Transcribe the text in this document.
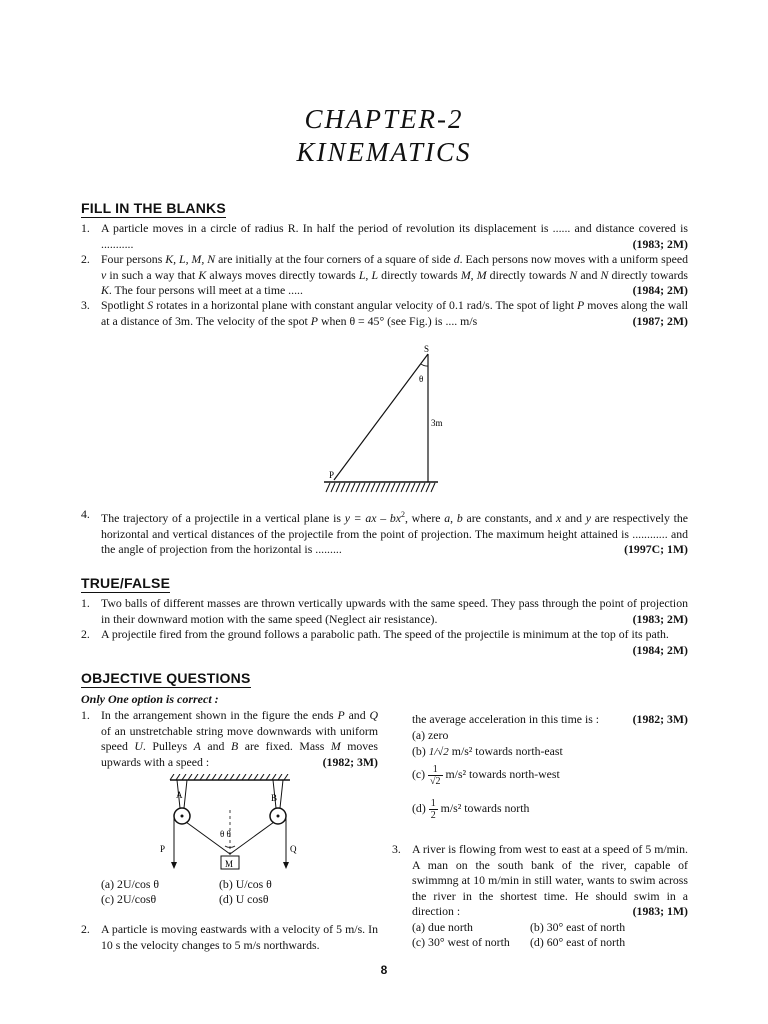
CHAPTER-2
KINEMATICS
FILL IN THE BLANKS
1. A particle moves in a circle of radius R. In half the period of revolution its displacement is ...... and distance covered is ...........	(1983; 2M)
2. Four persons K, L, M, N are initially at the four corners of a square of side d. Each persons now moves with a uniform speed v in such a way that K always moves directly towards L, L directly towards M, M directly towards N and N directly towards K. The four persons will meet at a time .....	(1984; 2M)
3. Spotlight S rotates in a horizontal plane with constant angular velocity of 0.1 rad/s. The spot of light P moves along the wall at a distance of 3m. The velocity of the spot P when θ = 45° (see Fig.) is .... m/s	(1987; 2M)
S
θ
3m
P
4. The trajectory of a projectile in a vertical plane is y = ax – $bx^2$, where a, b are constants, and x and y are respectively the horizontal and vertical distances of the projectile from the point of projection. The maximum height attained is ............ and the angle of projection from the horizontal is .........	(1997C; 1M)
TRUE/FALSE
1. Two balls of different masses are thrown vertically upwards with the same speed. They pass through the point of projection in their downward motion with the same speed (Neglect air resistance).	(1983; 2M)
2. A projectile fired from the ground follows a parabolic path. The speed of the projectile is minimum at the top of its path.
(1984; 2M)
OBJECTIVE QUESTIONS
Only One option is correct :
1. In the arrangement shown in the figure the ends P and Q of an unstretchable string move downwards with uniform speed U. Pulleys A and B are fixed. Mass M moves upwards with a speed :	(1982; 3M)
A	B
θ θ
P	Q
M
(a) 2U/cos θ	(b) U/cos θ
(c) 2U/cosθ	(d) U cosθ
2. A particle is moving eastwards with a velocity of 5 m/s. In 10 s the velocity changes to 5 m/s northwards.
the average acceleration in this time is :	(1982; 3M)
(a) zero
(b) 1/√2 m/s² towards north-east
$(c) \frac{1}{√2} m/s^2$ towards north-west
$(d) \frac{1}{2} m/s^2$ towards north
3. A river is flowing from west to east at a speed of 5 m/min. A man on the south bank of the river, capable of swimmng at 10 m/min in still water, wants to swim across the river in the shortest time. He should swim in a direction :	(1983; 1M)
(a) due north	(b) 30° east of north
(c) 30° west of north (d) 60° east of north
8
